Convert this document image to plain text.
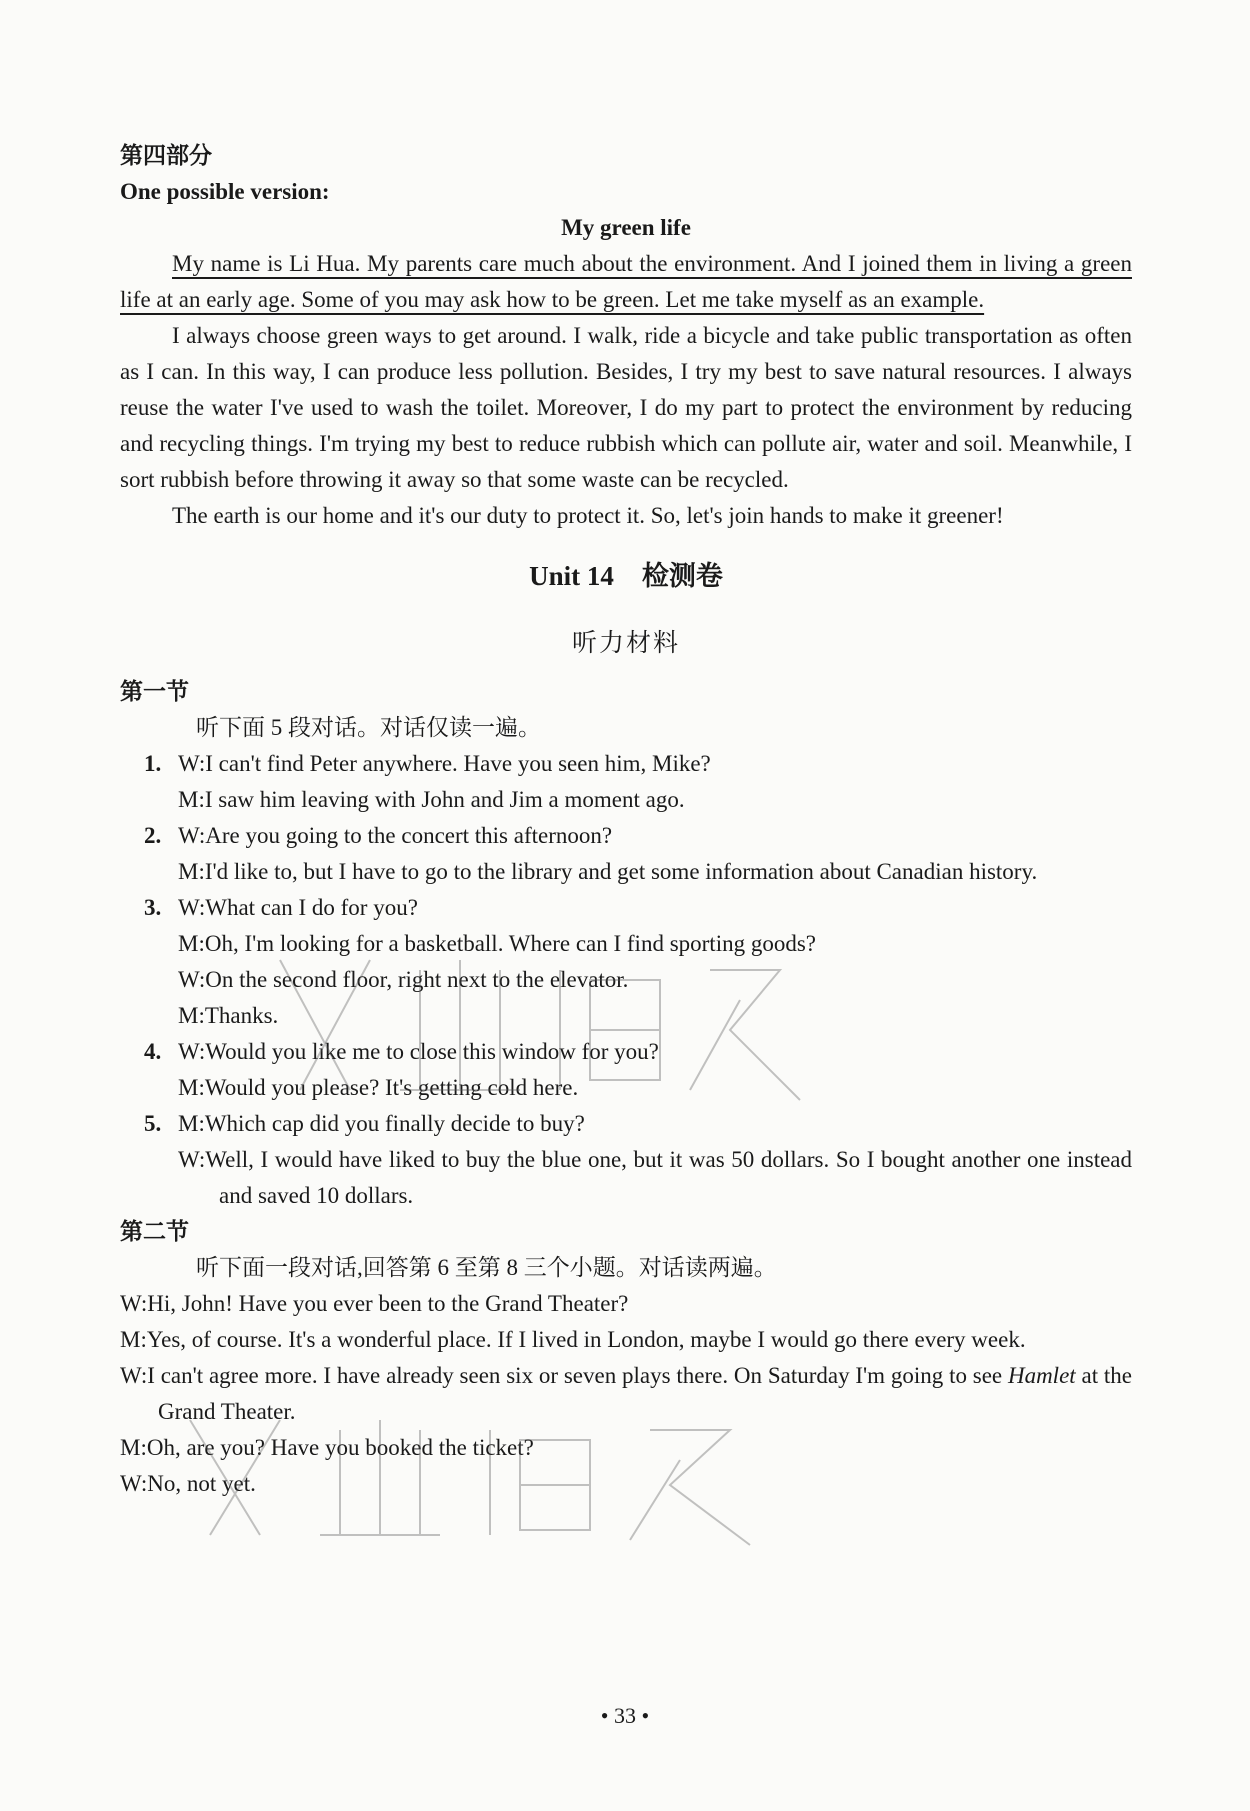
第四部分
One possible version:
My green life

My name is Li Hua. My parents care much about the environment. And I joined them in living a green life at an early age. Some of you may ask how to be green. Let me take myself as an example.

I always choose green ways to get around. I walk, ride a bicycle and take public transportation as often as I can. In this way, I can produce less pollution. Besides, I try my best to save natural resources. I always reuse the water I've used to wash the toilet. Moreover, I do my part to protect the environment by reducing and recycling things. I'm trying my best to reduce rubbish which can pollute air, water and soil. Meanwhile, I sort rubbish before throwing it away so that some waste can be recycled.

The earth is our home and it's our duty to protect it. So, let's join hands to make it greener!

Unit 14 检测卷
听力材料
第一节
听下面 5 段对话。对话仅读一遍。
1. W:I can't find Peter anywhere. Have you seen him, Mike?
M:I saw him leaving with John and Jim a moment ago.
2. W:Are you going to the concert this afternoon?
M:I'd like to, but I have to go to the library and get some information about Canadian history.
3. W:What can I do for you?
M:Oh, I'm looking for a basketball. Where can I find sporting goods?
W:On the second floor, right next to the elevator.
M:Thanks.
4. W:Would you like me to close this window for you?
M:Would you please? It's getting cold here.
5. M:Which cap did you finally decide to buy?
W:Well, I would have liked to buy the blue one, but it was 50 dollars. So I bought another one instead and saved 10 dollars.
第二节
听下面一段对话,回答第 6 至第 8 三个小题。对话读两遍。
W:Hi, John! Have you ever been to the Grand Theater?
M:Yes, of course. It's a wonderful place. If I lived in London, maybe I would go there every week.
W:I can't agree more. I have already seen six or seven plays there. On Saturday I'm going to see Hamlet at the Grand Theater.
M:Oh, are you? Have you booked the ticket?
W:No, not yet.
• 33 •
